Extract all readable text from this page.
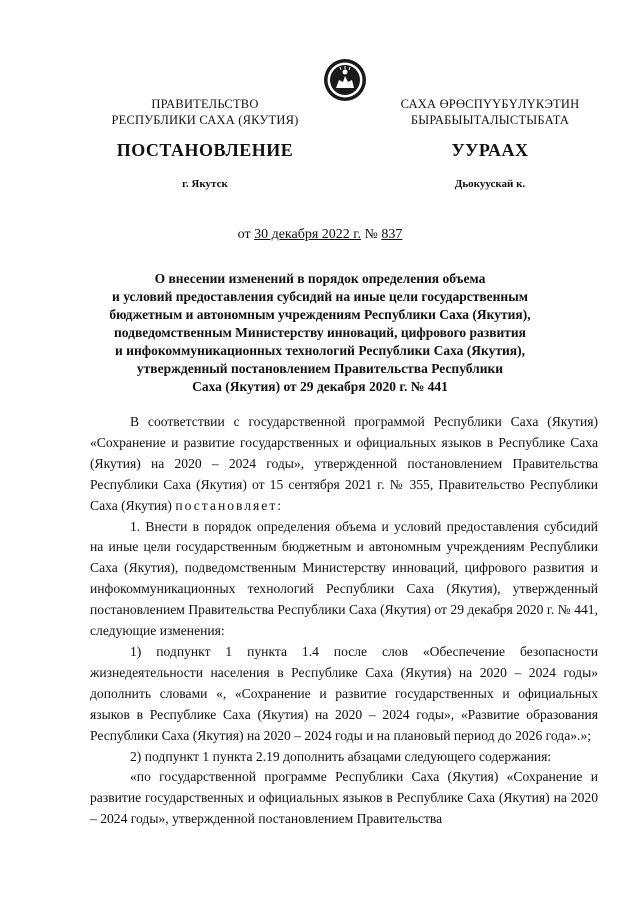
ПРАВИТЕЛЬСТВО
РЕСПУБЛИКИ САХА (ЯКУТИЯ)
САХА ӨРӨСПҮҮБҮЛҮКЭТИН
БЫРАБЫЫТАЛЫСТЫБАТА
ПОСТАНОВЛЕНИЕ	УУРААХ
г. Якутск	Дьокуускай к.
от 30 декабря 2022 г. № 837
О внесении изменений в порядок определения объема
и условий предоставления субсидий на иные цели государственным
бюджетным и автономным учреждениям Республики Саха (Якутия),
подведомственным Министерству инноваций, цифрового развития
и инфокоммуникационных технологий Республики Саха (Якутия),
утвержденный постановлением Правительства Республики
Саха (Якутия) от 29 декабря 2020 г. № 441

В соответствии с государственной программой Республики Саха (Якутия) «Сохранение и развитие государственных и официальных языков в Республике Саха (Якутия) на 2020 – 2024 годы», утвержденной постановлением Правительства Республики Саха (Якутия) от 15 сентября 2021 г. № 355, Правительство Республики Саха (Якутия) постановляет:

1. Внести в порядок определения объема и условий предоставления субсидий на иные цели государственным бюджетным и автономным учреждениям Республики Саха (Якутия), подведомственным Министерству инноваций, цифрового развития и инфокоммуникационных технологий Республики Саха (Якутия), утвержденный постановлением Правительства Республики Саха (Якутия) от 29 декабря 2020 г. № 441, следующие изменения:

1) подпункт 1 пункта 1.4 после слов «Обеспечение безопасности жизнедеятельности населения в Республике Саха (Якутия) на 2020 – 2024 годы» дополнить словами «, «Сохранение и развитие государственных и официальных языков в Республике Саха (Якутия) на 2020 – 2024 годы», «Развитие образования Республики Саха (Якутия) на 2020 – 2024 годы и на плановый период до 2026 года».»;

2) подпункт 1 пункта 2.19 дополнить абзацами следующего содержания:

«по государственной программе Республики Саха (Якутия) «Сохранение и развитие государственных и официальных языков в Республике Саха (Якутия) на 2020 – 2024 годы», утвержденной постановлением Правительства
